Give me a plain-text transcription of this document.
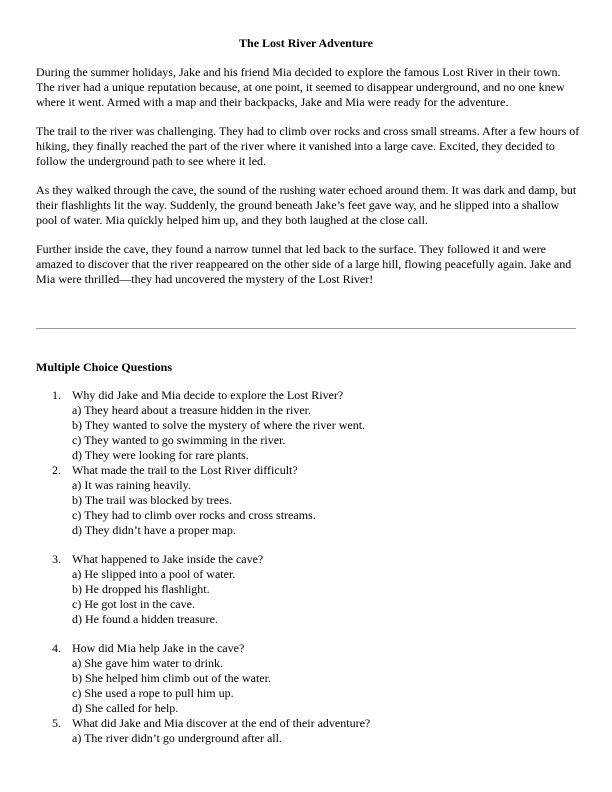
The Lost River Adventure

During the summer holidays, Jake and his friend Mia decided to explore the famous Lost River in their town. The river had a unique reputation because, at one point, it seemed to disappear underground, and no one knew where it went. Armed with a map and their backpacks, Jake and Mia were ready for the adventure.

The trail to the river was challenging. They had to climb over rocks and cross small streams. After a few hours of hiking, they finally reached the part of the river where it vanished into a large cave. Excited, they decided to follow the underground path to see where it led.

As they walked through the cave, the sound of the rushing water echoed around them. It was dark and damp, but their flashlights lit the way. Suddenly, the ground beneath Jake’s feet gave way, and he slipped into a shallow pool of water. Mia quickly helped him up, and they both laughed at the close call.

Further inside the cave, they found a narrow tunnel that led back to the surface. They followed it and were amazed to discover that the river reappeared on the other side of a large hill, flowing peacefully again. Jake and Mia were thrilled—they had uncovered the mystery of the Lost River!

Multiple Choice Questions
1. Why did Jake and Mia decide to explore the Lost River?
a) They heard about a treasure hidden in the river.
b) They wanted to solve the mystery of where the river went.
c) They wanted to go swimming in the river.
d) They were looking for rare plants.
2. What made the trail to the Lost River difficult?
a) It was raining heavily.
b) The trail was blocked by trees.
c) They had to climb over rocks and cross streams.
d) They didn’t have a proper map.
3. What happened to Jake inside the cave?
a) He slipped into a pool of water.
b) He dropped his flashlight.
c) He got lost in the cave.
d) He found a hidden treasure.
4. How did Mia help Jake in the cave?
a) She gave him water to drink.
b) She helped him climb out of the water.
c) She used a rope to pull him up.
d) She called for help.
5. What did Jake and Mia discover at the end of their adventure?
a) The river didn’t go underground after all.
